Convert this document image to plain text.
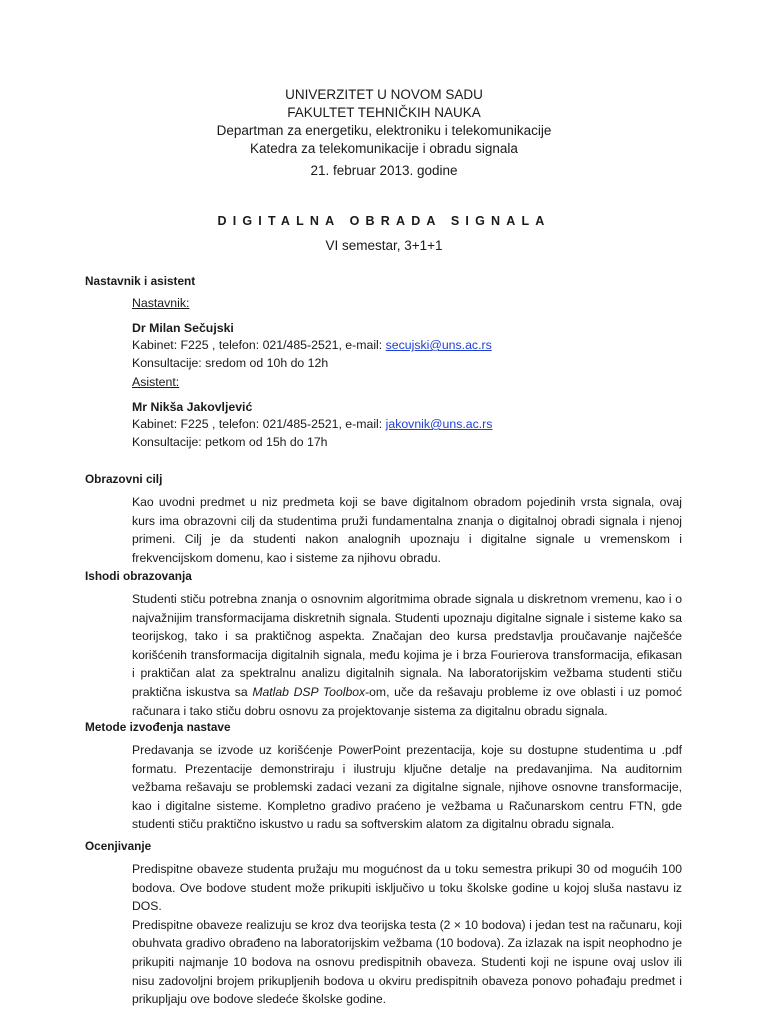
UNIVERZITET U NOVOM SADU
FAKULTET TEHNIČKIH NAUKA
Departman za energetiku, elektroniku i telekomunikacije
Katedra za telekomunikacije i obradu signala
21. februar 2013. godine
DIGITALNA OBRADA SIGNALA
VI semestar, 3+1+1
Nastavnik i asistent
Nastavnik:
Dr Milan Sečujski
Kabinet: F225 , telefon: 021/485-2521, e-mail: secujski@uns.ac.rs
Konsultacije: sredom od 10h do 12h
Asistent:
Mr Nikša Jakovljević
Kabinet: F225 , telefon: 021/485-2521, e-mail: jakovnik@uns.ac.rs
Konsultacije: petkom od 15h do 17h
Obrazovni cilj
Kao uvodni predmet u niz predmeta koji se bave digitalnom obradom pojedinih vrsta signala, ovaj kurs ima obrazovni cilj da studentima pruži fundamentalna znanja o digitalnoj obradi signala i njenoj primeni. Cilj je da studenti nakon analognih upoznaju i digitalne signale u vremenskom i frekvencijskom domenu, kao i sisteme za njihovu obradu.
Ishodi obrazovanja
Studenti stiču potrebna znanja o osnovnim algoritmima obrade signala u diskretnom vremenu, kao i o najvažnijim transformacijama diskretnih signala. Studenti upoznaju digitalne signale i sisteme kako sa teorijskog, tako i sa praktičnog aspekta. Značajan deo kursa predstavlja proučavanje najčešće korišćenih transformacija digitalnih signala, među kojima je i brza Fourierova transformacija, efikasan i praktičan alat za spektralnu analizu digitalnih signala. Na laboratorijskim vežbama studenti stiču praktična iskustva sa Matlab DSP Toolbox-om, uče da rešavaju probleme iz ove oblasti i uz pomoć računara i tako stiču dobru osnovu za projektovanje sistema za digitalnu obradu signala.
Metode izvođenja nastave
Predavanja se izvode uz korišćenje PowerPoint prezentacija, koje su dostupne studentima u .pdf formatu. Prezentacije demonstriraju i ilustruju ključne detalje na predavanjima. Na auditornim vežbama rešavaju se problemski zadaci vezani za digitalne signale, njihove osnovne transformacije, kao i digitalne sisteme. Kompletno gradivo praćeno je vežbama u Računarskom centru FTN, gde studenti stiču praktično iskustvo u radu sa softverskim alatom za digitalnu obradu signala.
Ocenjivanje

Predispitne obaveze studenta pružaju mu mogućnost da u toku semestra prikupi 30 od mogućih 100 bodova. Ove bodove student može prikupiti isključivo u toku školske godine u kojoj sluša nastavu iz DOS.

Predispitne obaveze realizuju se kroz dva teorijska testa (2 × 10 bodova) i jedan test na računaru, koji obuhvata gradivo obrađeno na laboratorijskim vežbama (10 bodova). Za izlazak na ispit neophodno je prikupiti najmanje 10 bodova na osnovu predispitnih obaveza. Studenti koji ne ispune ovaj uslov ili nisu zadovoljni brojem prikupljenih bodova u okviru predispitnih obaveza ponovo pohađaju predmet i prikupljaju ove bodove sledeće školske godine.
